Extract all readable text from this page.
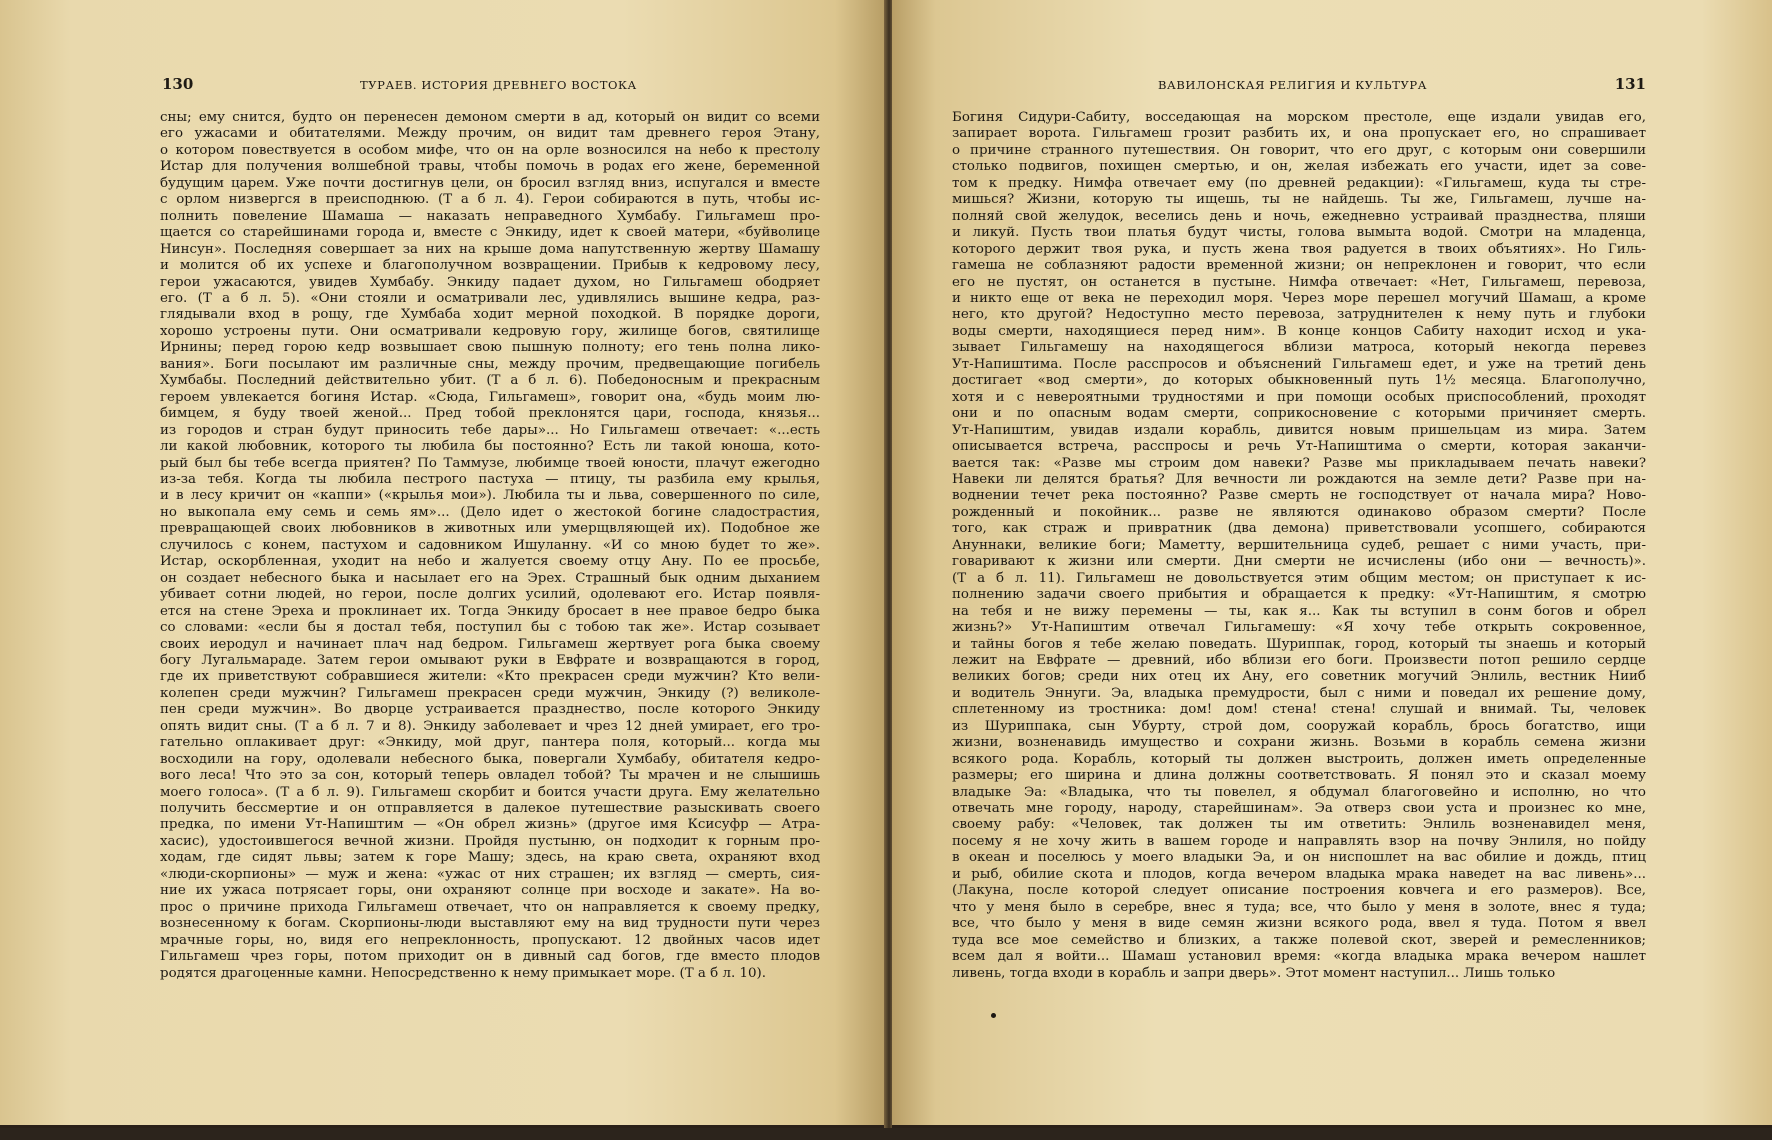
130	ТУРАЕВ. ИСТОРИЯ ДРЕВНЕГО ВОСТОКА
сны; ему снится, будто он перенесен демоном смерти в ад, который он видит со всеми
его ужасами и обитателями. Между прочим, он видит там древнего героя Этану,
о котором повествуется в особом мифе, что он на орле возносился на небо к престолу
Истар для получения волшебной травы, чтобы помочь в родах его жене, беременной
будущим царем. Уже почти достигнув цели, он бросил взгляд вниз, испугался и вместе
с орлом низвергся в преисподнюю. (Т а б л. 4). Герои собираются в путь, чтобы ис-
полнить повеление Шамаша — наказать неправедного Хумбабу. Гильгамеш про-
щается со старейшинами города и, вместе с Энкиду, идет к своей матери, «буйволице
Нинсун». Последняя совершает за них на крыше дома напутственную жертву Шамашу
и молится об их успехе и благополучном возвращении. Прибыв к кедровому лесу,
герои ужасаются, увидев Хумбабу. Энкиду падает духом, но Гильгамеш ободряет
его. (Т а б л. 5). «Они стояли и осматривали лес, удивлялись вышине кедра, раз-
глядывали вход в рощу, где Хумбаба ходит мерной походкой. В порядке дороги,
хорошо устроены пути. Они осматривали кедровую гору, жилище богов, святилище
Ирнины; перед горою кедр возвышает свою пышную полноту; его тень полна лико-
вания». Боги посылают им различные сны, между прочим, предвещающие погибель
Хумбабы. Последний действительно убит. (Т а б л. 6). Победоносным и прекрасным
героем увлекается богиня Истар. «Сюда, Гильгамеш», говорит она, «будь моим лю-
бимцем, я буду твоей женой... Пред тобой преклонятся цари, господа, князья...
из городов и стран будут приносить тебе дары»... Но Гильгамеш отвечает: «...есть
ли какой любовник, которого ты любила бы постоянно? Есть ли такой юноша, кото-
рый был бы тебе всегда приятен? По Таммузе, любимце твоей юности, плачут ежегодно
из-за тебя. Когда ты любила пестрого пастуха — птицу, ты разбила ему крылья,
и в лесу кричит он «каппи» («крылья мои»). Любила ты и льва, совершенного по силе,
но выкопала ему семь и семь ям»... (Дело идет о жестокой богине сладострастия,
превращающей своих любовников в животных или умерщвляющей их). Подобное же
случилось с конем, пастухом и садовником Ишуланну. «И со мною будет то же».
Истар, оскорбленная, уходит на небо и жалуется своему отцу Ану. По ее просьбе,
он создает небесного быка и насылает его на Эрех. Страшный бык одним дыханием
убивает сотни людей, но герои, после долгих усилий, одолевают его. Истар появля-
ется на стене Эреха и проклинает их. Тогда Энкиду бросает в нее правое бедро быка
со словами: «если бы я достал тебя, поступил бы с тобою так же». Истар созывает
своих иеродул и начинает плач над бедром. Гильгамеш жертвует рога быка своему
богу Лугальмараде. Затем герои омывают руки в Евфрате и возвращаются в город,
где их приветствуют собравшиеся жители: «Кто прекрасен среди мужчин? Кто вели-
колепен среди мужчин? Гильгамеш прекрасен среди мужчин, Энкиду (?) великоле-
пен среди мужчин». Во дворце устраивается празднество, после которого Энкиду
опять видит сны. (Т а б л. 7 и 8). Энкиду заболевает и чрез 12 дней умирает, его тро-
гательно оплакивает друг: «Энкиду, мой друг, пантера поля, который... когда мы
восходили на гору, одолевали небесного быка, повергали Хумбабу, обитателя кедро-
вого леса! Что это за сон, который теперь овладел тобой? Ты мрачен и не слышишь
моего голоса». (Т а б л. 9). Гильгамеш скорбит и боится участи друга. Ему желательно
получить бессмертие и он отправляется в далекое путешествие разыскивать своего
предка, по имени Ут-Напиштим — «Он обрел жизнь» (другое имя Ксисуфр — Атра-
хасис), удостоившегося вечной жизни. Пройдя пустыню, он подходит к горным про-
ходам, где сидят львы; затем к горе Машу; здесь, на краю света, охраняют вход
«люди-скорпионы» — муж и жена: «ужас от них страшен; их взгляд — смерть, сия-
ние их ужаса потрясает горы, они охраняют солнце при восходе и закате». На во-
прос о причине прихода Гильгамеш отвечает, что он направляется к своему предку,
вознесенному к богам. Скорпионы-люди выставляют ему на вид трудности пути через
мрачные горы, но, видя его непреклонность, пропускают. 12 двойных часов идет
Гильгамеш чрез горы, потом приходит он в дивный сад богов, где вместо плодов
родятся драгоценные камни. Непосредственно к нему примыкает море. (Т а б л. 10).
ВАВИЛОНСКАЯ РЕЛИГИЯ И КУЛЬТУРА	131
Богиня Сидури-Сабиту, восседающая на морском престоле, еще издали увидав его,
запирает ворота. Гильгамеш грозит разбить их, и она пропускает его, но спрашивает
о причине странного путешествия. Он говорит, что его друг, с которым они совершили
столько подвигов, похищен смертью, и он, желая избежать его участи, идет за сове-
том к предку. Нимфа отвечает ему (по древней редакции): «Гильгамеш, куда ты стре-
мишься? Жизни, которую ты ищешь, ты не найдешь. Ты же, Гильгамеш, лучше на-
полняй свой желудок, веселись день и ночь, ежедневно устраивай празднества, пляши
и ликуй. Пусть твои платья будут чисты, голова вымыта водой. Смотри на младенца,
которого держит твоя рука, и пусть жена твоя радуется в твоих объятиях». Но Гиль-
гамеша не соблазняют радости временной жизни; он непреклонен и говорит, что если
его не пустят, он останется в пустыне. Нимфа отвечает: «Нет, Гильгамеш, перевоза,
и никто еще от века не переходил моря. Через море перешел могучий Шамаш, а кроме
него, кто другой? Недоступно место перевоза, затруднителен к нему путь и глубоки
воды смерти, находящиеся перед ним». В конце концов Сабиту находит исход и ука-
зывает Гильгамешу на находящегося вблизи матроса, который некогда перевез
Ут-Напиштима. После расспросов и объяснений Гильгамеш едет, и уже на третий день
достигает «вод смерти», до которых обыкновенный путь 1½ месяца. Благополучно,
хотя и с невероятными трудностями и при помощи особых приспособлений, проходят
они и по опасным водам смерти, соприкосновение с которыми причиняет смерть.
Ут-Напиштим, увидав издали корабль, дивится новым пришельцам из мира. Затем
описывается встреча, расспросы и речь Ут-Напиштима о смерти, которая заканчи-
вается так: «Разве мы строим дом навеки? Разве мы прикладываем печать навеки?
Навеки ли делятся братья? Для вечности ли рождаются на земле дети? Разве при на-
воднении течет река постоянно? Разве смерть не господствует от начала мира? Ново-
рожденный и покойник... разве не являются одинаково образом смерти? После
того, как страж и привратник (два демона) приветствовали усопшего, собираются
Ануннаки, великие боги; Маметту, вершительница судеб, решает с ними участь, при-
говаривают к жизни или смерти. Дни смерти не исчислены (ибо они — вечность)».
(Т а б л. 11). Гильгамеш не довольствуется этим общим местом; он приступает к ис-
полнению задачи своего прибытия и обращается к предку: «Ут-Напиштим, я смотрю
на тебя и не вижу перемены — ты, как я... Как ты вступил в сонм богов и обрел
жизнь?» Ут-Напиштим отвечал Гильгамешу: «Я хочу тебе открыть сокровенное,
и тайны богов я тебе желаю поведать. Шуриппак, город, который ты знаешь и который
лежит на Евфрате — древний, ибо вблизи его боги. Произвести потоп решило сердце
великих богов; среди них отец их Ану, его советник могучий Энлиль, вестник Нииб
и водитель Эннуги. Эа, владыка премудрости, был с ними и поведал их решение дому,
сплетенному из тростника: дом! дом! стена! стена! слушай и внимай. Ты, человек
из Шуриппака, сын Убурту, строй дом, сооружай корабль, брось богатство, ищи
жизни, возненавидь имущество и сохрани жизнь. Возьми в корабль семена жизни
всякого рода. Корабль, который ты должен выстроить, должен иметь определенные
размеры; его ширина и длина должны соответствовать. Я понял это и сказал моему
владыке Эа: «Владыка, что ты повелел, я обдумал благоговейно и исполню, но что
отвечать мне городу, народу, старейшинам». Эа отверз свои уста и произнес ко мне,
своему рабу: «Человек, так должен ты им ответить: Энлиль возненавидел меня,
посему я не хочу жить в вашем городе и направлять взор на почву Энлиля, но пойду
в океан и поселюсь у моего владыки Эа, и он ниспошлет на вас обилие и дождь, птиц
и рыб, обилие скота и плодов, когда вечером владыка мрака наведет на вас ливень»...
(Лакуна, после которой следует описание построения ковчега и его размеров). Все,
что у меня было в серебре, внес я туда; все, что было у меня в золоте, внес я туда;
все, что было у меня в виде семян жизни всякого рода, ввел я туда. Потом я ввел
туда все мое семейство и близких, а также полевой скот, зверей и ремесленников;
всем дал я войти... Шамаш установил время: «когда владыка мрака вечером нашлет
ливень, тогда входи в корабль и запри дверь». Этот момент наступил... Лишь только
